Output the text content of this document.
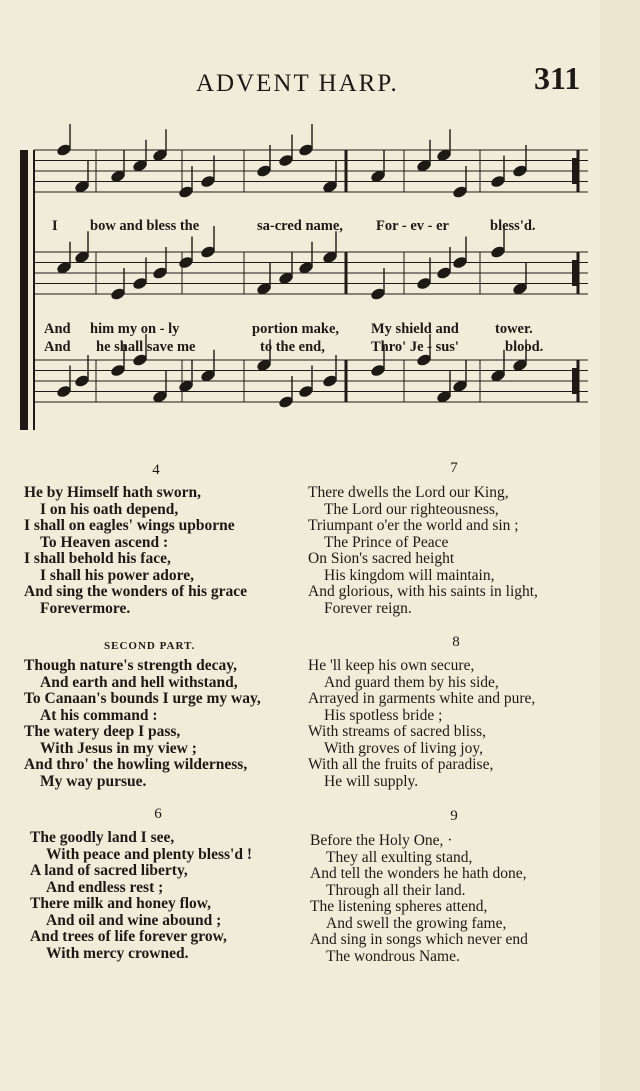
ADVENT HARP.	311
I bow and bless the	sa-cred name, For - ev - er	bless'd.
And him my on - ly	portion make, My shield and tower.
And he shall save me	to the end,	Thro' Je - sus'	blood.
4
He by Himself hath sworn,
I on his oath depend,
I shall on eagles' wings upborne
To Heaven ascend :
I shall behold his face,
I shall his power adore,
And sing the wonders of his grace
Forevermore.
7
There dwells the Lord our King,
The Lord our righteousness,
Triumpant o'er the world and sin ;
The Prince of Peace
On Sion's sacred height
His kingdom will maintain,
And glorious, with his saints in light,
Forever reign.
SECOND PART.
Though nature's strength decay,
And earth and hell withstand,
To Canaan's bounds I urge my way,
At his command :
The watery deep I pass,
With Jesus in my view ;
And thro' the howling wilderness,
My way pursue.
8
He 'll keep his own secure,
And guard them by his side,
Arrayed in garments white and pure,
His spotless bride ;
With streams of sacred bliss,
With groves of living joy,
With all the fruits of paradise,
He will supply.
6
The goodly land I see,
With peace and plenty bless'd !
A land of sacred liberty,
And endless rest ;
There milk and honey flow,
And oil and wine abound ;
And trees of life forever grow,
With mercy crowned.
9
Before the Holy One, ·
They all exulting stand,
And tell the wonders he hath done,
Through all their land.
The listening spheres attend,
And swell the growing fame,
And sing in songs which never end
The wondrous Name.
